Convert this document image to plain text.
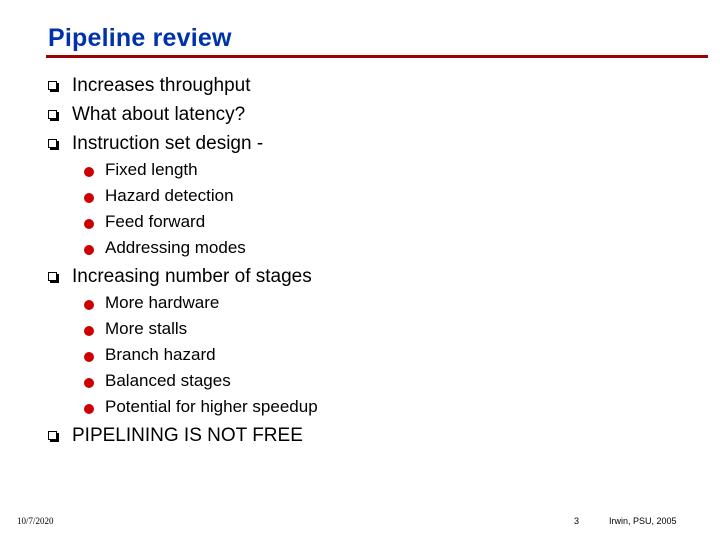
Pipeline review
Increases throughput
What about latency?
Instruction set design -
Fixed length
Hazard detection
Feed forward
Addressing modes
Increasing number of stages
More hardware
More stalls
Branch hazard
Balanced stages
Potential for higher speedup
PIPELINING IS NOT FREE
10/7/2020	3	Irwin, PSU, 2005
